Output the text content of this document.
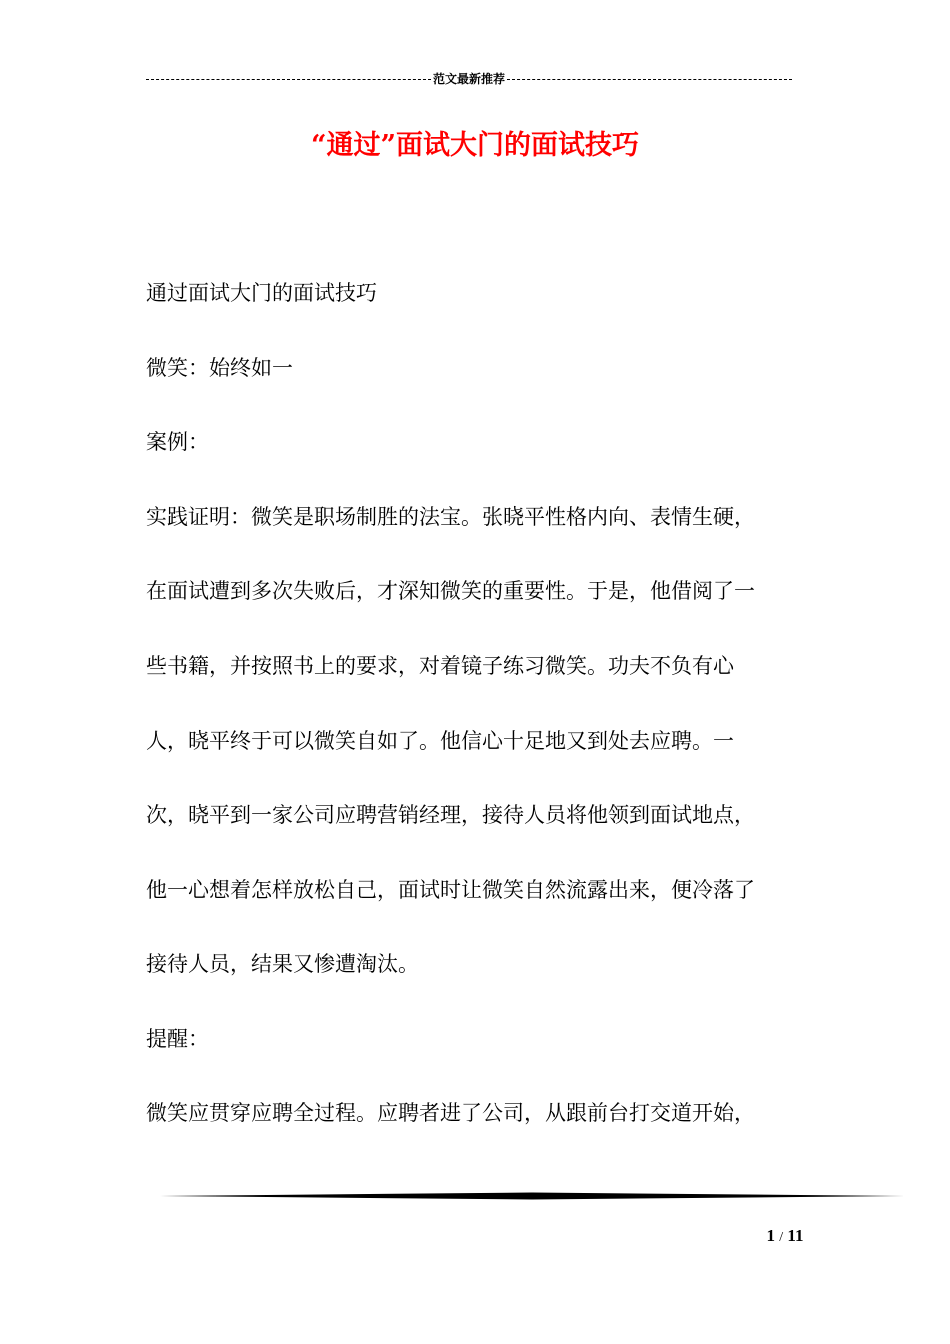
范文最新推荐
“通过”面试大门的面试技巧

通过面试大门的面试技巧

微笑：始终如一

案例：

实践证明：微笑是职场制胜的法宝。张晓平性格内向、表情生硬，

在面试遭到多次失败后，才深知微笑的重要性。于是，他借阅了一

些书籍，并按照书上的要求，对着镜子练习微笑。功夫不负有心

人，晓平终于可以微笑自如了。他信心十足地又到处去应聘。一

次，晓平到一家公司应聘营销经理，接待人员将他领到面试地点，

他一心想着怎样放松自己，面试时让微笑自然流露出来，便冷落了

接待人员，结果又惨遭淘汰。

提醒：

微笑应贯穿应聘全过程。应聘者进了公司，从跟前台打交道开始，

1 / 11
